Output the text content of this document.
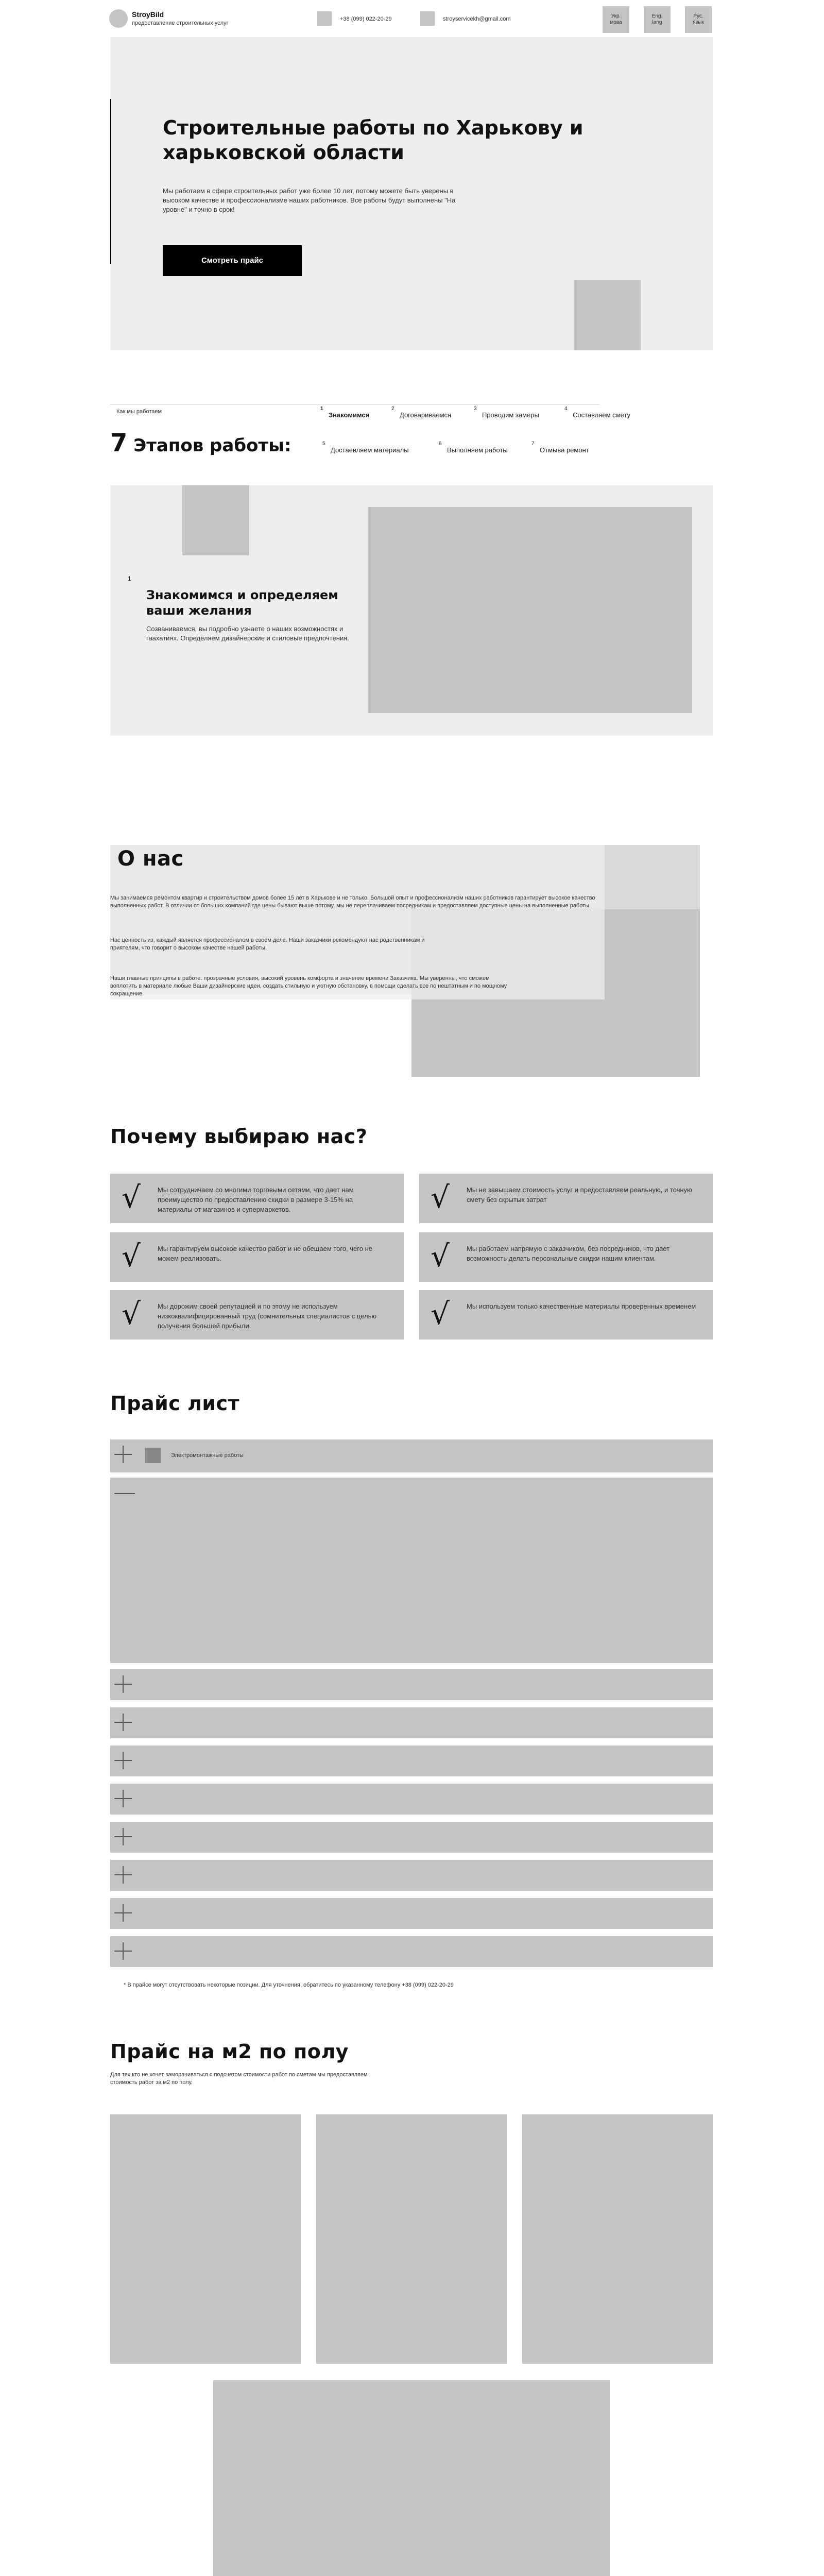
StroyBild
предоставление строительных услуг
+38 (099) 022-20-29	stroyservicekh@gmail.com	Укр.
мова
Eng.
lang
Рус.
язык
Строительные работы по Харькову и харьковской области

Мы работаем в сфере строительных работ уже более 10 лет, потому можете быть уверены в высоком качестве и профессионализме наших работников. Все работы будут выполнены "На уровне" и точно в срок!

Смотреть прайс
Как мы работаем
7 Этапов работы:
1
Знакомимся
2
Договариваемся
3
Проводим замеры
4
Составляем смету
5
Достаевляем материалы
6
Выполняем работы
7
Отмыва ремонт
1
Знакомимся и определяем ваши желания

Созваниваемся, вы подробно узнаете о наших возможностях и гаахатиях. Определяем дизайнерские и стиловые предпочтения.

О нас

Мы занимаемся ремонтом квартир и строительством домов более 15 лет в Харькове и не только. Большой опыт и профессионализм наших работников гарантирует высокое качество выполненных работ. В отличии от больших компаний где цены бывают выше потому, мы не переплачиваем посредникам и предоставляем доступные цены на выполненные работы.

Нас ценность из, каждый является профессионалом в своем деле. Наши заказчики рекомендуют нас родственникам и приятелям, что говорит о высоком качестве нашей работы.

Наши главные принципы в работе: прозрачные условия, высокий уровень комфорта и значение времени Заказчика. Мы уверенны, что сможем воплотить в материале любые Ваши дизайнерские идеи, создать стильную и уютную обстановку, в помощи сделать все по нештатным и по мощному сокращение.

Почему выбираю нас?
√	Мы сотрудничаем со многими торговыми сетями, что дает нам преимущество по предоставлению скидки в размере 3-15% на материалы от магазинов и супермаркетов.	√	Мы не завышаем стоимость услуг и предоставляем реальную, и точную смету без скрытых затрат
√	Мы гарантируем высокое качество работ и не обещаем того, чего не можем реализовать.	√	Мы работаем напрямую с заказчиком, без посредников, что дает возможность делать персональные скидки нашим клиентам.
√	Мы дорожим своей репутацией и по этому не используем низкоквалифицированный труд (сомнительных специалистов с целью получения большей прибыли.	√	Мы используем только качественные материалы проверенных временем
Прайс лист
Электромонтажные работы

* В прайсе могут отсутствовать некоторые позиции. Для уточнения, обратитесь по указанному телефону +38 (099) 022-20-29

Прайс на м2 по полу

Для тех кто не хочет заморачиваться с подсчетом стоимости работ по сметам мы предоставляем стоимость работ за м2 по полу.
